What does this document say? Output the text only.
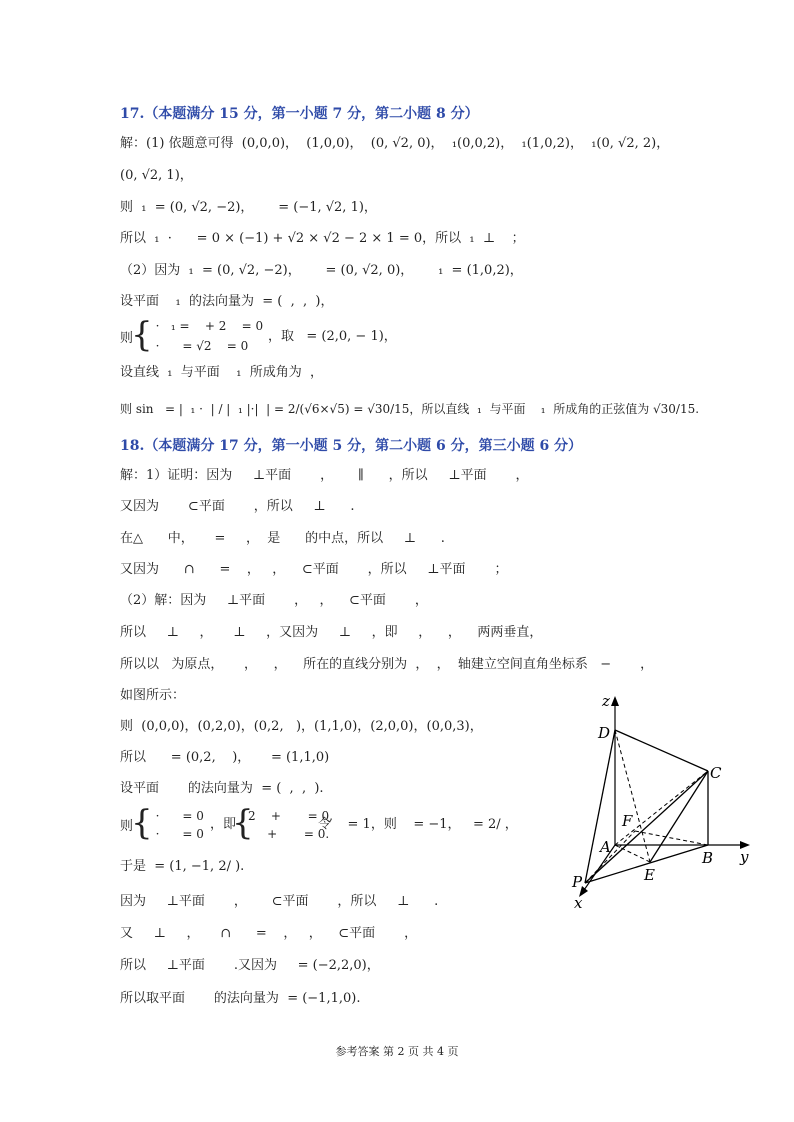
17.（本题满分 15 分，第一小题 7 分，第二小题 8 分）
解：(1) 依题意可得  (0,0,0)，  (1,0,0)，  (0, √2, 0)，  ₁(0,0,2)，  ₁(1,0,2)，  ₁(0, √2, 2)，
(0, √2, 1)，
则  ₁  = (0, √2, −2)，      = (−1, √2, 1)，
所以  ₁  ·      = 0 × (−1) + √2 × √2 − 2 × 1 = 0，所以  ₁  ⊥    ；
（2）因为  ₁  = (0, √2, −2)，      = (0, √2, 0)，      ₁  = (1,0,2)，
设平面    ₁  的法向量为  = (  ,  ,  )，
则
{
·   ₁ =    + 2    = 0
·      = √2    = 0
，取   = (2,0, − 1)，
设直线  ₁  与平面    ₁  所成角为  ，
则 sin   = |  ₁ ·  | / |  ₁ |·|  | = 2/(√6×√5) = √30/15，所以直线  ₁  与平面    ₁  所成角的正弦值为 √30/15.
18.（本题满分 17 分，第一小题 5 分，第二小题 6 分，第三小题 6 分）
解：1）证明：因为     ⊥平面       ，      ∥      ，所以     ⊥平面       ，
又因为       ⊂平面       ，所以     ⊥      .
在△      中，     =     ，  是      的中点，所以     ⊥      .
又因为      ∩      =    ，   ，    ⊂平面       ，所以     ⊥平面       ；
（2）解：因为     ⊥平面       ，   ，    ⊂平面       ，
所以     ⊥     ，     ⊥     ，又因为     ⊥     ，即     ，    ，    两两垂直，
所以以   为原点，     ，    ，    所在的直线分别为  ，  ，  轴建立空间直角坐标系   −       ，
如图所示：
则  (0,0,0)，(0,2,0)，(0,2,   )，(1,1,0)，(2,0,0)，(0,0,3)，
所以      = (0,2,    )，     = (1,1,0)
设平面       的法向量为  = (  ,  ,  ).
则
{
·      = 0
·      = 0
，即
{
2    +       = 0,
+       = 0.
令    = 1，则    = −1，   = 2/ ，
于是  = (1, −1, 2/ ).
因为     ⊥平面       ，      ⊂平面       ，所以     ⊥      .
又     ⊥     ，     ∩      =    ，   ，    ⊂平面       ，
所以     ⊥平面       .又因为     = (−2,2,0)，
所以取平面       的法向量为  = (−1,1,0).
z
D
C
F
A
B y
E
P
x
参考答案 第 2 页 共 4 页
